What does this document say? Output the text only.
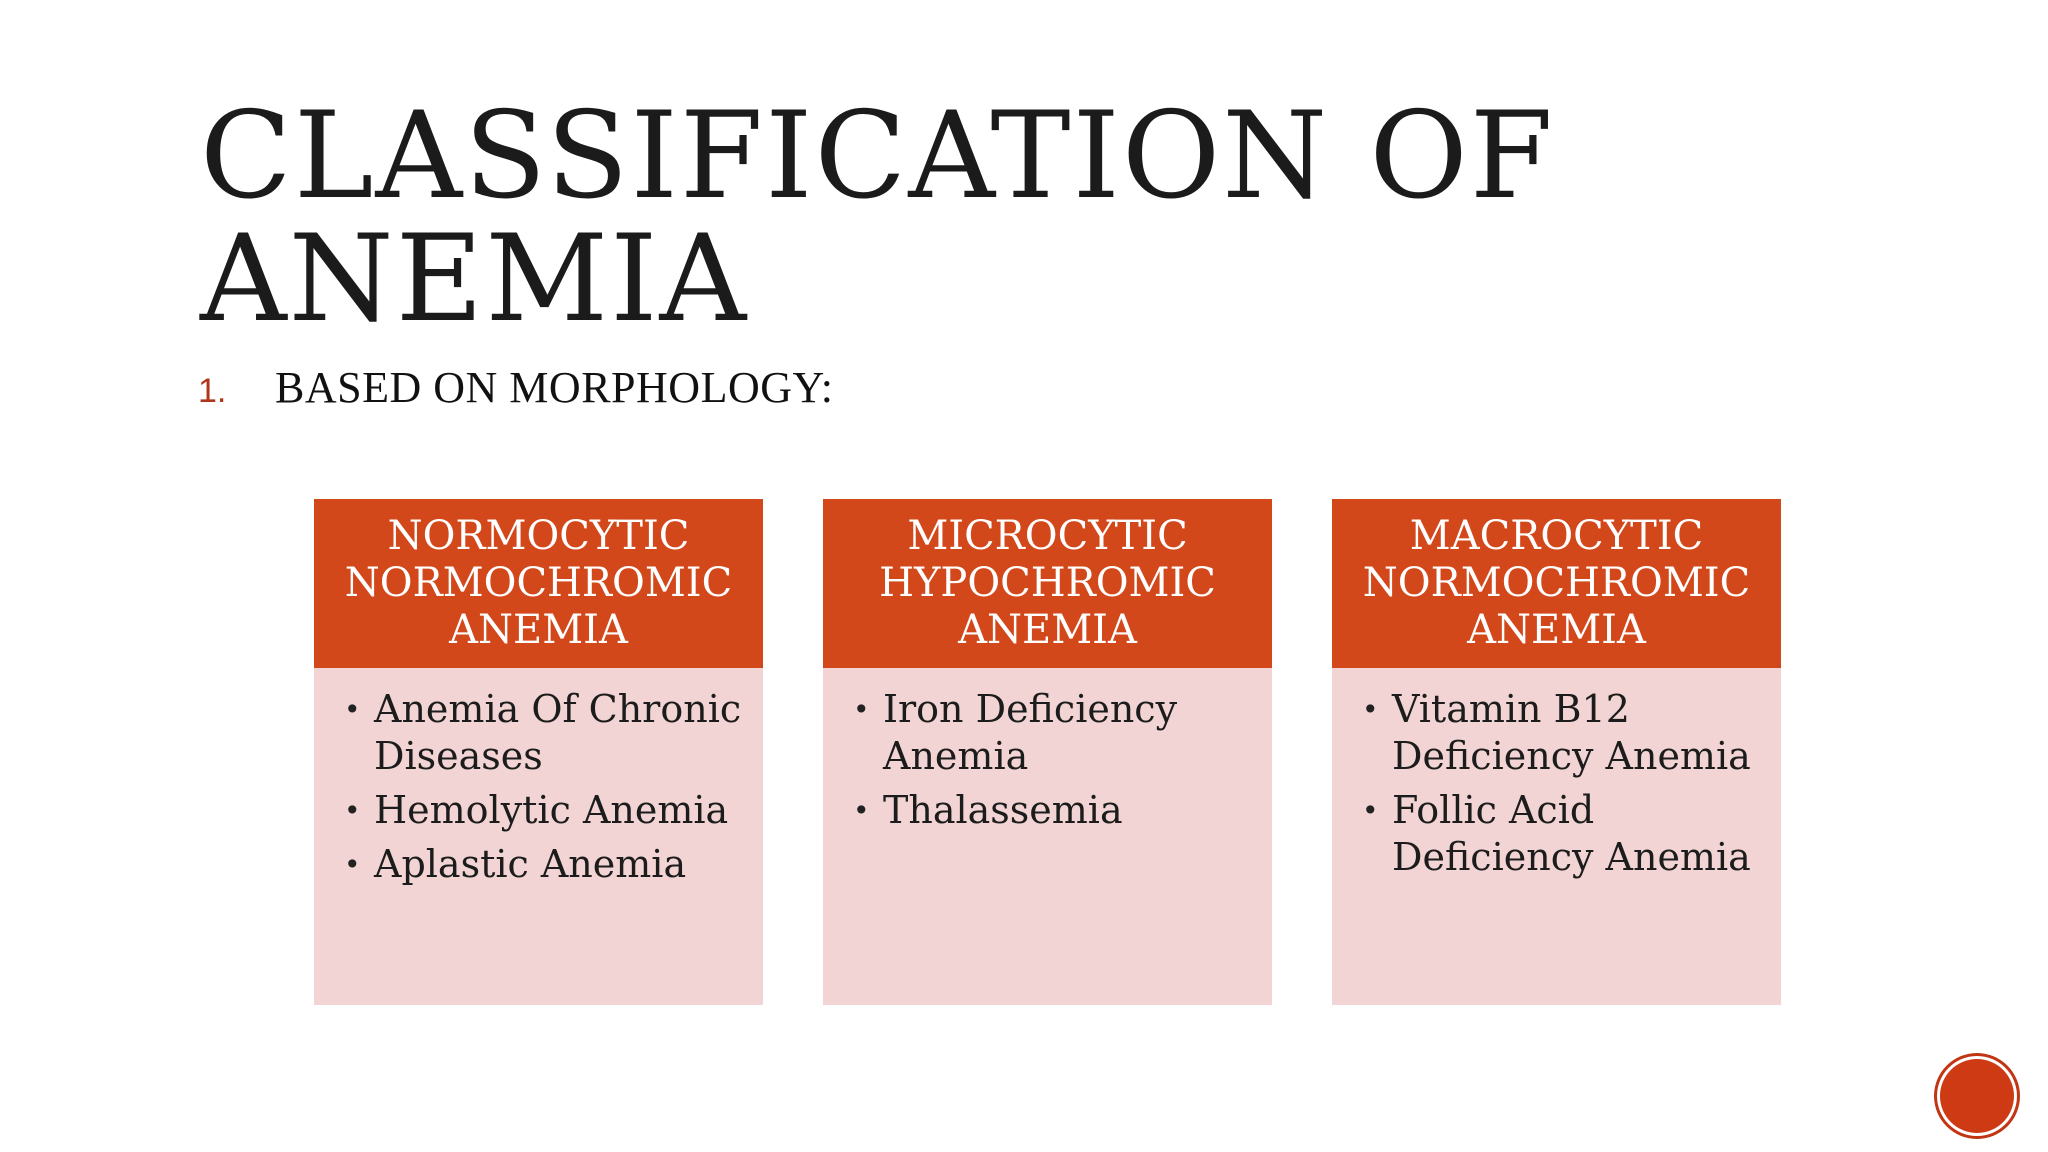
CLASSIFICATION OF
ANEMIA
1.	BASED ON MORPHOLOGY:
NORMOCYTIC
NORMOCHROMIC
ANEMIA
• Anemia Of Chronic Diseases
• Hemolytic Anemia
• Aplastic Anemia
MICROCYTIC
HYPOCHROMIC
ANEMIA
• Iron Deficiency Anemia
• Thalassemia
MACROCYTIC
NORMOCHROMIC
ANEMIA
• Vitamin B12 Deficiency Anemia
• Follic Acid Deficiency Anemia
